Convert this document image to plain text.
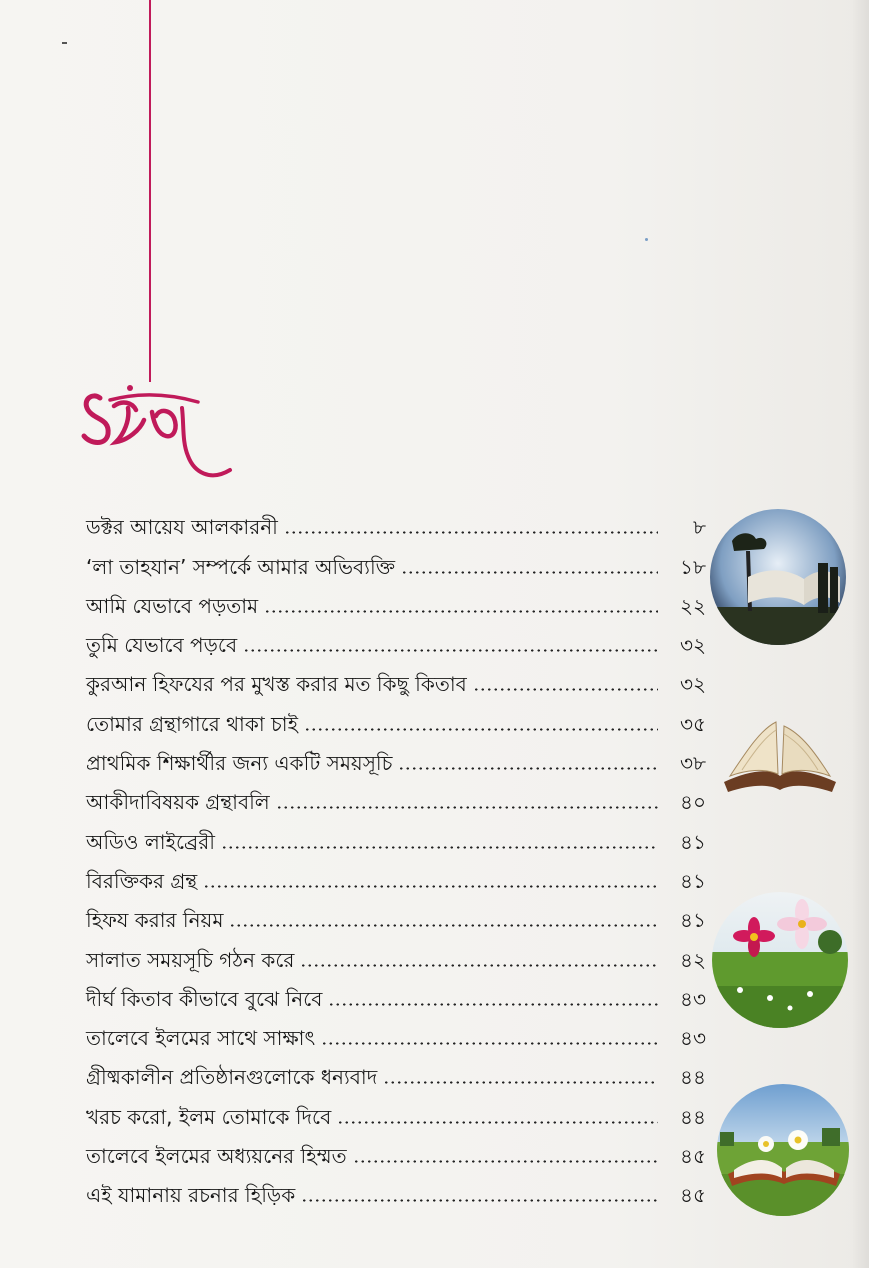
সূচি
ডক্টর আয়েয আলকারনী	৮
‘লা তাহযান’ সম্পর্কে আমার অভিব্যক্তি	১৮
আমি যেভাবে পড়তাম	২২
তুমি যেভাবে পড়বে	৩২
কুরআন হিফযের পর মুখস্ত করার মত কিছু কিতাব	৩২
তোমার গ্রন্থাগারে থাকা চাই	৩৫
প্রাথমিক শিক্ষার্থীর জন্য একটি সময়সূচি	৩৮
আকীদাবিষয়ক গ্রন্থাবলি	৪০
অডিও লাইব্রেরী	৪১
বিরক্তিকর গ্রন্থ	৪১
হিফয করার নিয়ম	৪১
সালাত সময়সূচি গঠন করে	৪২
দীর্ঘ কিতাব কীভাবে বুঝে নিবে	৪৩
তালেবে ইলমের সাথে সাক্ষাৎ	৪৩
গ্রীষ্মকালীন প্রতিষ্ঠানগুলোকে ধন্যবাদ	৪৪
খরচ করো, ইলম তোমাকে দিবে	৪৪
তালেবে ইলমের অধ্যয়নের হিম্মত	৪৫
এই যামানায় রচনার হিড়িক	৪৫
